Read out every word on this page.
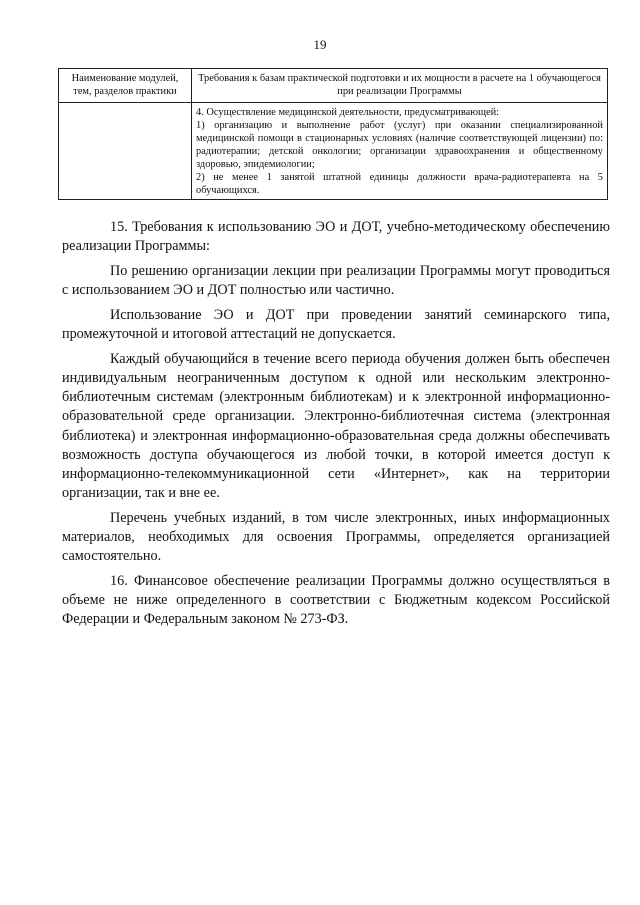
19
Наименование модулей, тем, разделов практики	Требования к базам практической подготовки и их мощности в расчете на 1 обучающегося при реализации Программы

	4. Осуществление медицинской деятельности, предусматривающей:

1) организацию и выполнение работ (услуг) при оказании специализированной медицинской помощи в стационарных условиях (наличие соответствующей лицензии) по: радиотерапии; детской онкологии; организации здравоохранения и общественному здоровью, эпидемиологии;

2) не менее 1 занятой штатной единицы должности врача-радиотерапевта на 5 обучающихся.

15. Требования к использованию ЭО и ДОТ, учебно-методическому обеспечению реализации Программы:

По решению организации лекции при реализации Программы могут проводиться с использованием ЭО и ДОТ полностью или частично.

Использование ЭО и ДОТ при проведении занятий семинарского типа, промежуточной и итоговой аттестаций не допускается.

Каждый обучающийся в течение всего периода обучения должен быть обеспечен индивидуальным неограниченным доступом к одной или нескольким электронно-библиотечным системам (электронным библиотекам) и к электронной информационно-образовательной среде организации. Электронно-библиотечная система (электронная библиотека) и электронная информационно-образовательная среда должны обеспечивать возможность доступа обучающегося из любой точки, в которой имеется доступ к информационно-телекоммуникационной сети «Интернет», как на территории организации, так и вне ее.

Перечень учебных изданий, в том числе электронных, иных информационных материалов, необходимых для освоения Программы, определяется организацией самостоятельно.

16. Финансовое обеспечение реализации Программы должно осуществляться в объеме не ниже определенного в соответствии с Бюджетным кодексом Российской Федерации и Федеральным законом № 273-ФЗ.
